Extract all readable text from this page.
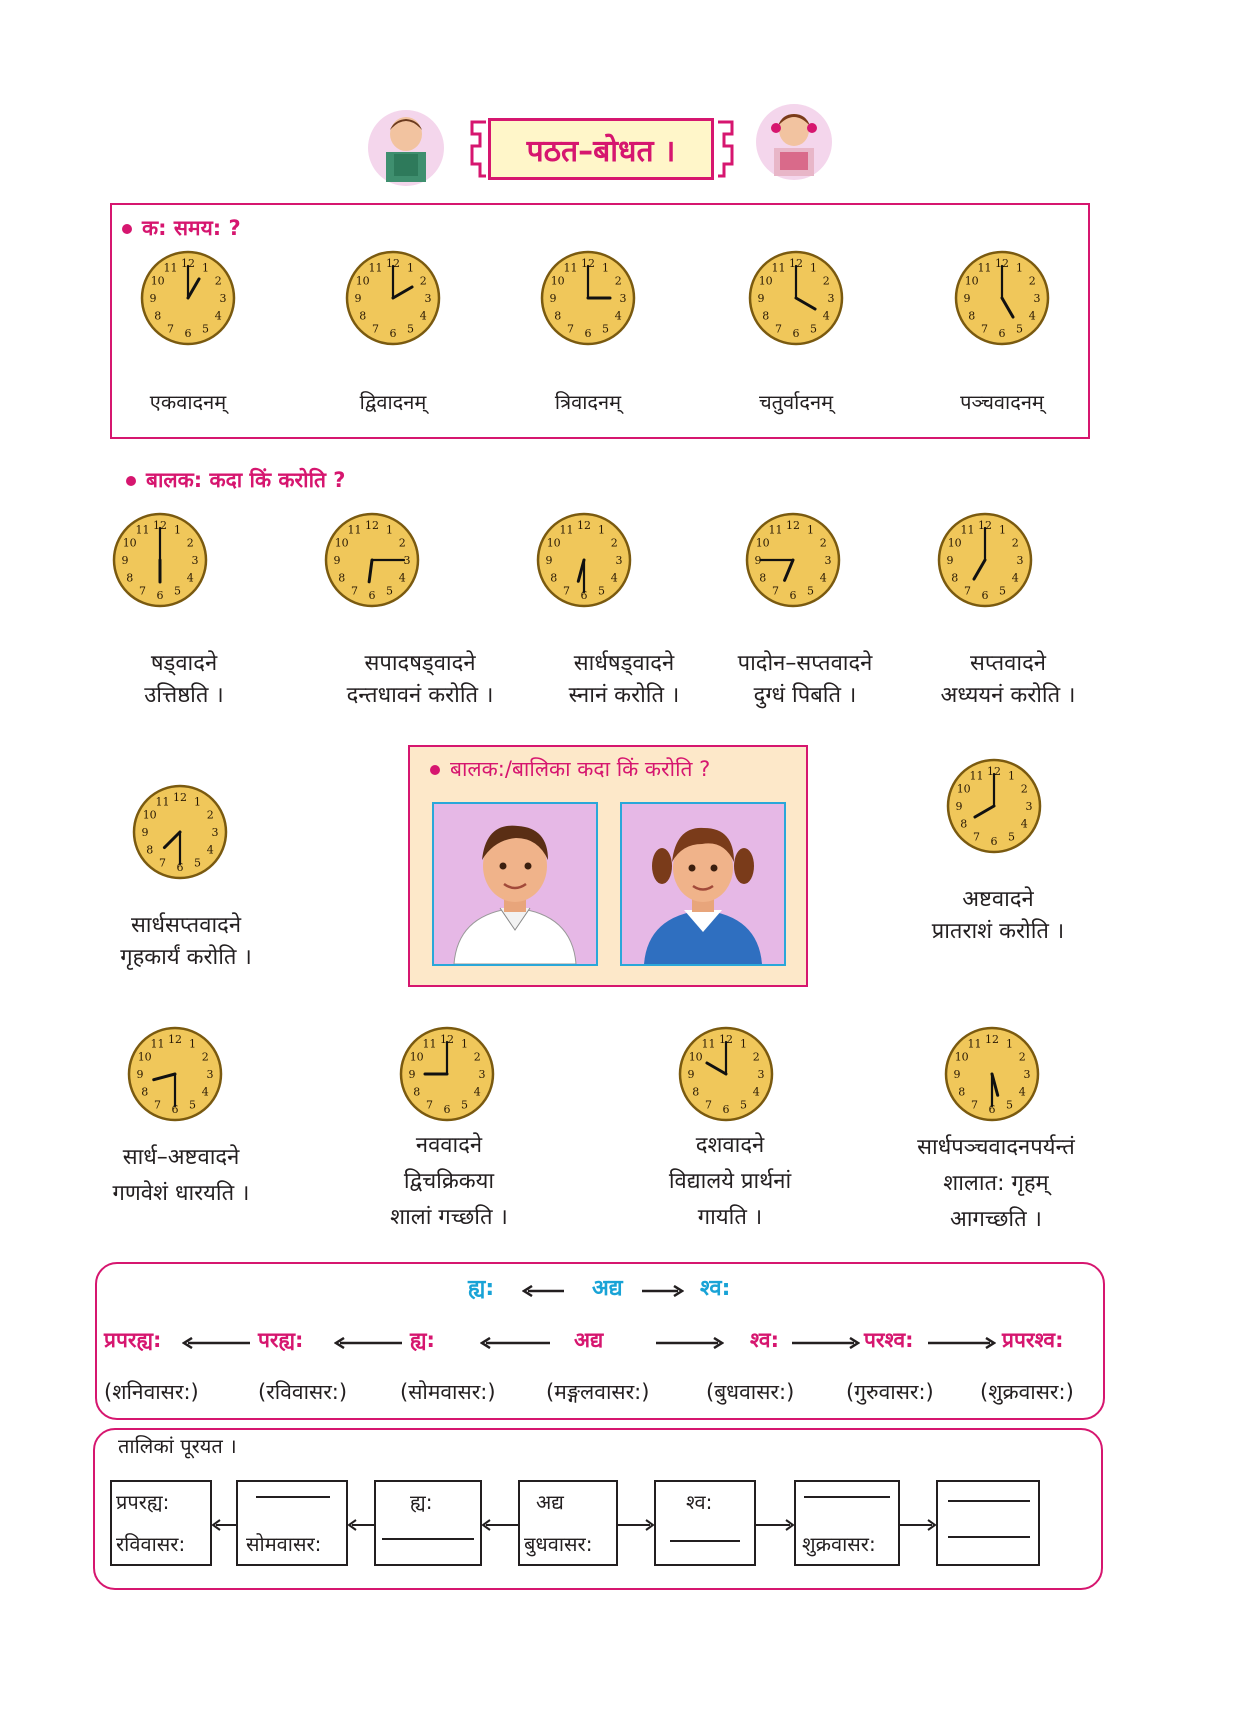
पठत–बोधत ।
क: समय: ?
बालक: कदा किं करोति ?
बालक:/बालिका कदा किं करोति ?
ह्य:	अद्य	श्व:
तालिकां पूरयत ।
प्रपरह्य:
रविवासर:	सोमवासर:
ह्य:	अद्य
बुधवासर:
श्व:
शुक्रवासर:
1
2
3
4
5
6
7
8
9
10
11 12
एकवादनम्
1
2
3
4
5
6
7
8
9
10
11 12
द्विवादनम्
1
2
3
4
5
6
7
8
9
10
11 12
त्रिवादनम्
1
2
3
4
5
6
7
8
9
10
11 12
चतुर्वादनम्
1
2
3
4
5
6
7
8
9
10
11 12
पञ्चवादनम्
1
2
3
4
5
6
7
8
9
10
11 12
षड्वादने
उत्तिष्ठति ।
1
2
3
4
5
6
7
8
9
10
11 12
सपादषड्वादने
दन्तधावनं करोति ।
1
2
3
4
5
6
7
8
9
10
11 12
सार्धषड्वादने
स्नानं करोति ।
1
2
3
4
5
6
7
8
9
10
11 12
पादोन–सप्तवादने
दुग्धं पिबति ।
1
2
3
4
5
6
7
8
9
10
11 12
सप्तवादने
अध्ययनं करोति ।
1
2
3
4
5
6
7
8
9
10
11 12
सार्धसप्तवादने
गृहकार्यं करोति ।
1
2
3
4
5
6
7
8
9
10
11 12
अष्टवादने
प्रातराशं करोति ।
1
2
3
4
5
6
7
8
9
10
11 12
सार्ध–अष्टवादने
गणवेशं धारयति ।
1
2
3
4
5
6
7
8
9
10
11 12
नववादने
द्विचक्रिकया
शालां गच्छति ।
1
2
3
4
5
6
7
8
9
10
11 12
दशवादने
विद्यालये प्रार्थनां
गायति ।
1
2
3
4
5
6
7
8
9
10
11 12
सार्धपञ्चवादनपर्यन्तं
शालात: गृहम्
आगच्छति ।
प्रपरह्य:
(शनिवासर:)
परह्य:
(रविवासर:)
ह्य:
(सोमवासर:)
अद्य
(मङ्गलवासर:)
श्व:
(बुधवासर:)
परश्व:
(गुरुवासर:)
प्रपरश्व:
(शुक्रवासर:)
